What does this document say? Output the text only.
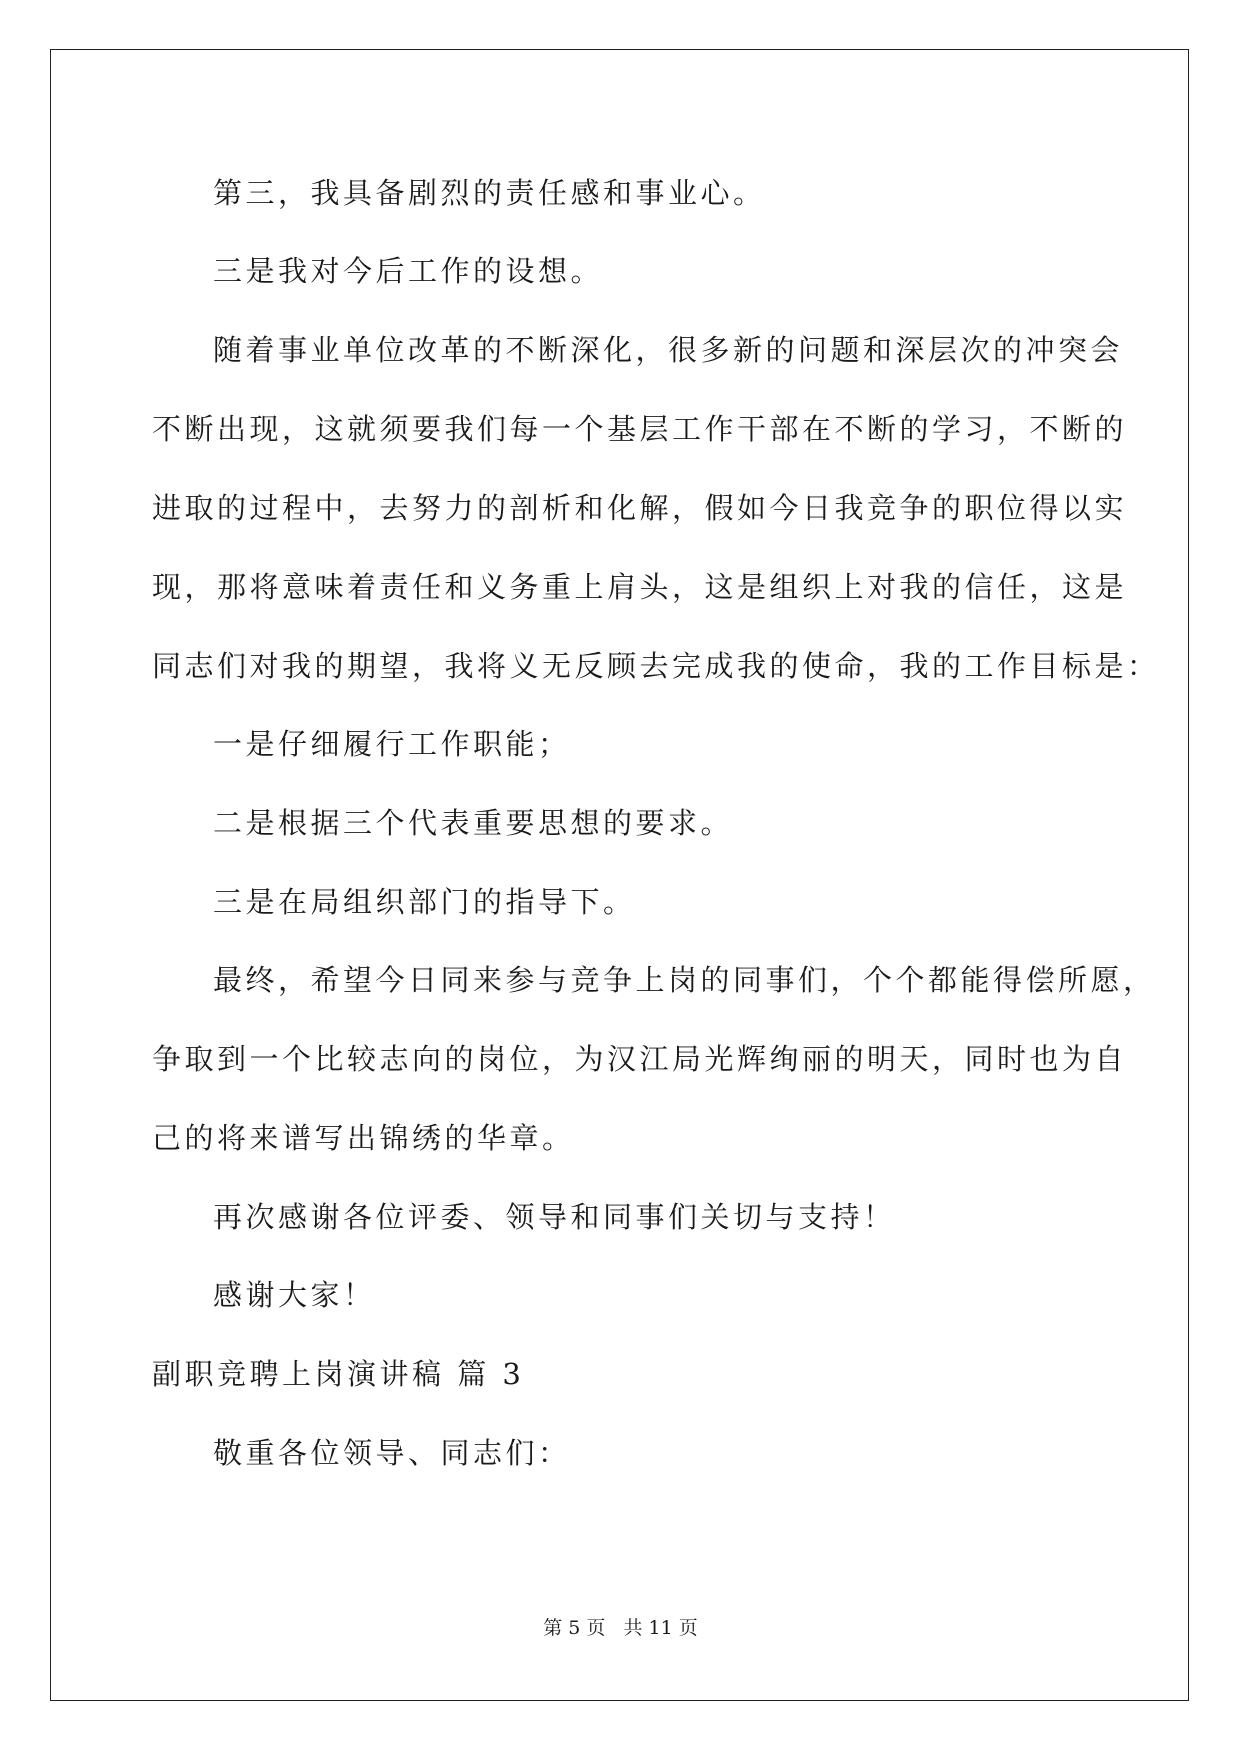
第三，我具备剧烈的责任感和事业心。
三是我对今后工作的设想。
随着事业单位改革的不断深化，很多新的问题和深层次的冲突会
不断出现，这就须要我们每一个基层工作干部在不断的学习，不断的
进取的过程中，去努力的剖析和化解，假如今日我竞争的职位得以实
现，那将意味着责任和义务重上肩头，这是组织上对我的信任，这是
同志们对我的期望，我将义无反顾去完成我的使命，我的工作目标是：
一是仔细履行工作职能；
二是根据三个代表重要思想的要求。
三是在局组织部门的指导下。
最终，希望今日同来参与竞争上岗的同事们，个个都能得偿所愿，
争取到一个比较志向的岗位，为汉江局光辉绚丽的明天，同时也为自
己的将来谱写出锦绣的华章。
再次感谢各位评委、领导和同事们关切与支持！
感谢大家！
副职竞聘上岗演讲稿 篇 3
敬重各位领导、同志们：
第 5 页 共 11 页
